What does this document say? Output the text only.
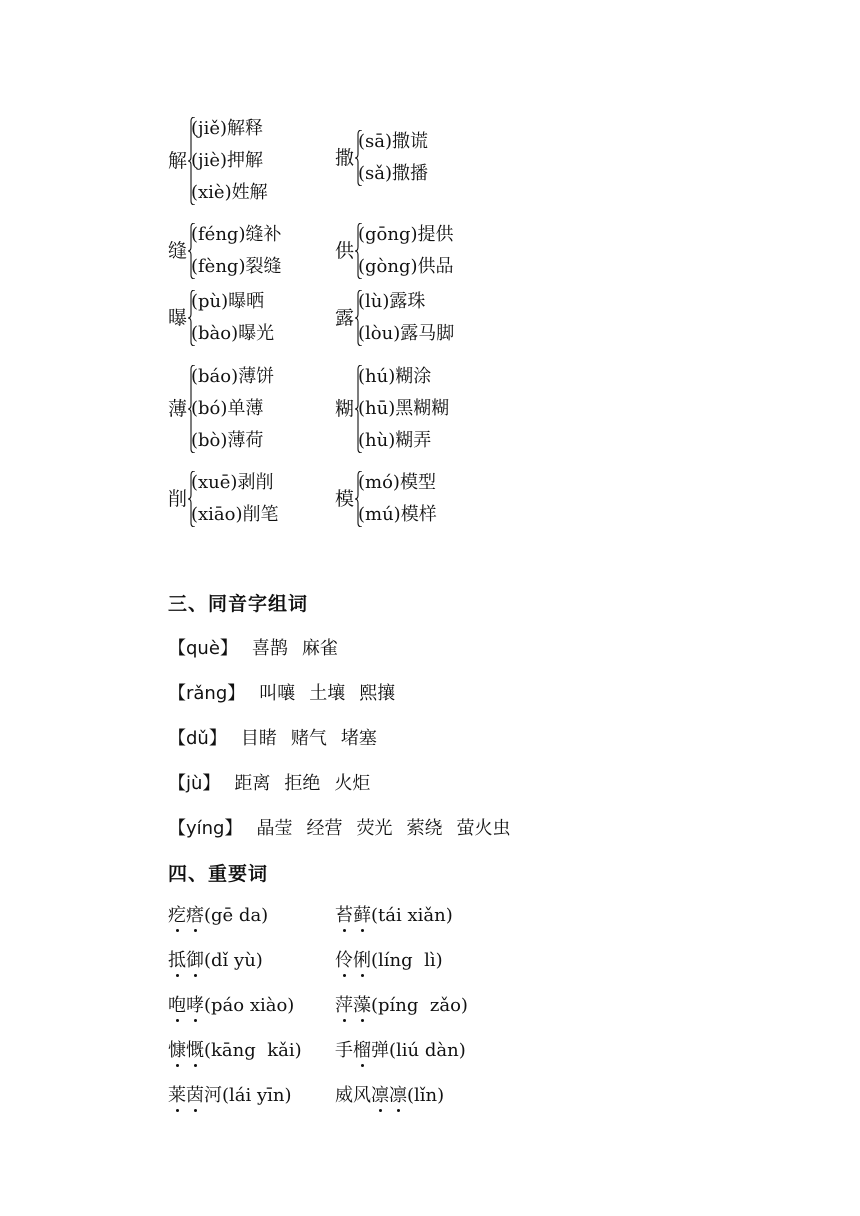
解
(jiě)解释
(jiè)押解
(xiè)姓解
撒
(sā)撒谎
(sǎ)撒播
缝
(féng)缝补
(fèng)裂缝
供
(gōng)提供
(gòng)供品
曝
(pù)曝晒
(bào)曝光
露
(lù)露珠
(lòu)露马脚
薄
(báo)薄饼
(bó)单薄
(bò)薄荷
糊
(hú)糊涂
(hū)黑糊糊
(hù)糊弄
削
(xuē)剥削
(xiāo)削笔
模
(mó)模型
(mú)模样
三、同音字组词
【què】 喜鹊 麻雀
【rǎng】 叫嚷 土壤 熙攘
【dǔ】 目睹 赌气 堵塞
【jù】 距离 拒绝 火炬
【yíng】 晶莹 经营 荧光 萦绕 萤火虫
四、重要词
疙瘩(gē da)	苔藓(tái xiǎn)
抵御(dǐ yù)	伶俐(líng  lì)
咆哮(páo xiào) 萍藻(píng  zǎo)
慷慨(kāng  kǎi) 手榴弹(liú dàn)
莱茵河(lái yīn) 威风凛凛(lǐn)
